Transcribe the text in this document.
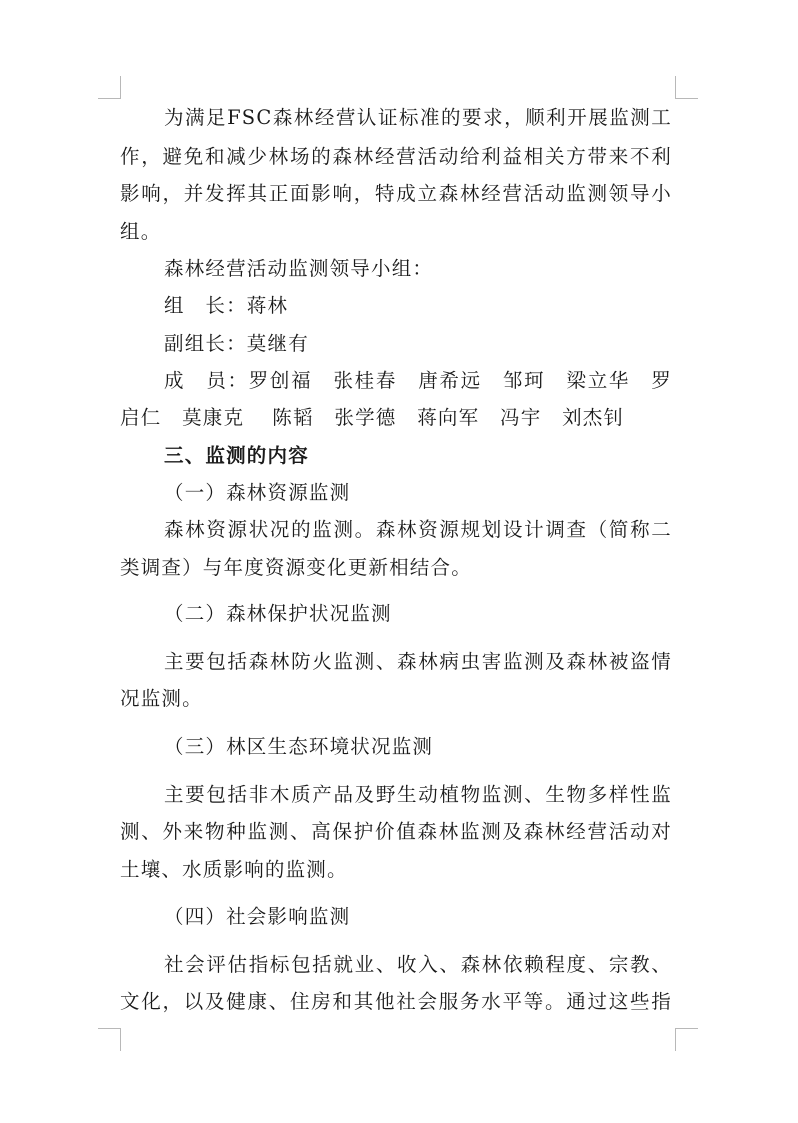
为满足FSC森林经营认证标准的要求，顺利开展监测工
作，避免和减少林场的森林经营活动给利益相关方带来不利
影响，并发挥其正面影响，特成立森林经营活动监测领导小
组。
森林经营活动监测领导小组：
组　长：蒋林
副组长：莫继有
成　员：罗创福　张桂春　唐希远　邹珂　梁立华　罗
启仁　莫康克　 陈韬　张学德　蒋向军　冯宇　刘杰钊
三、监测的内容
（一）森林资源监测
森林资源状况的监测。森林资源规划设计调查（简称二
类调查）与年度资源变化更新相结合。
（二）森林保护状况监测
主要包括森林防火监测、森林病虫害监测及森林被盗情
况监测。
（三）林区生态环境状况监测
主要包括非木质产品及野生动植物监测、生物多样性监
测、外来物种监测、高保护价值森林监测及森林经营活动对
土壤、水质影响的监测。
（四）社会影响监测
社会评估指标包括就业、收入、森林依赖程度、宗教、
文化，以及健康、住房和其他社会服务水平等。通过这些指
